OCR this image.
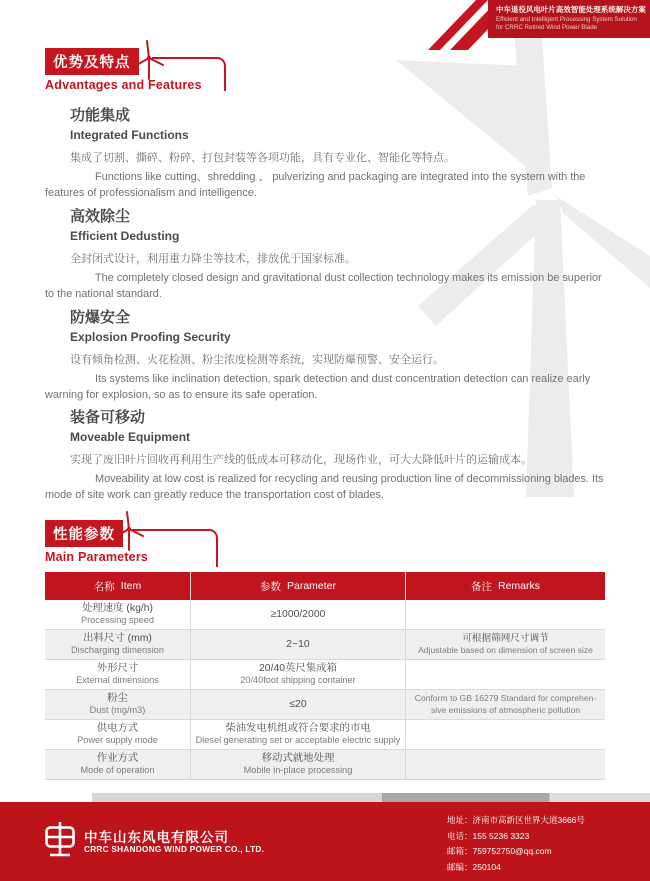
中车退役风电叶片高效智能处理系统解决方案
Efficient and Intelligent Processing System Solution
for CRRC Retired Wind Power Blade
优势及特点
Advantages and Features
功能集成
Integrated Functions

集成了切割、撕碎、粉碎、打包封装等各项功能，具有专业化、智能化等特点。

Functions like cutting、shredding 、 pulverizing and packaging are integrated into the system with the features of professionalism and intelligence.

高效除尘
Efficient Dedusting

全封闭式设计，利用重力降尘等技术，排放优于国家标准。

The completely closed design and gravitational dust collection technology makes its emission be superior to the national standard.

防爆安全
Explosion Proofing Security

设有倾角检测、火花检测、粉尘浓度检测等系统，实现防爆预警、安全运行。

Its systems like inclination detection, spark detection and dust concentration detection can realize early warning for explosion, so as to ensure its safe operation.

装备可移动
Moveable Equipment

实现了废旧叶片回收再利用生产线的低成本可移动化，现场作业，可大大降低叶片的运输成本。

Moveability at low cost is realized for recycling and reusing production line of decommissioning blades. Its mode of site work can greatly reduce the transportation cost of blades.

性能参数
Main Parameters
名称 Item	参数 Parameter	备注 Remarks
处理速度 (kg/h)
Processing speed
≥1000/2000
出料尺寸 (mm)
Discharging dimension
2~10
可根据筛网尺寸调节
Adjustable based on dimension of screen size
外形尺寸
External dimensions
20/40英尺集成箱
20/40foot shipping container
粉尘
Dust (mg/m3)
≤20
Conform to GB 16279 Standard for comprehen-
sive emissions of atmospheric pollution
供电方式
Power supply mode
柴油发电机组或符合要求的市电
Diesel generating set or acceptable electric supply
作业方式
Mode of operation
移动式就地处理
Mobile in-place processing
中车山东风电有限公司
CRRC SHANDONG WIND POWER CO., LTD.
地址：济南市高新区世界大道3666号
电话：155 5236 3323
邮箱：759752750@qq.com
邮编：250104
